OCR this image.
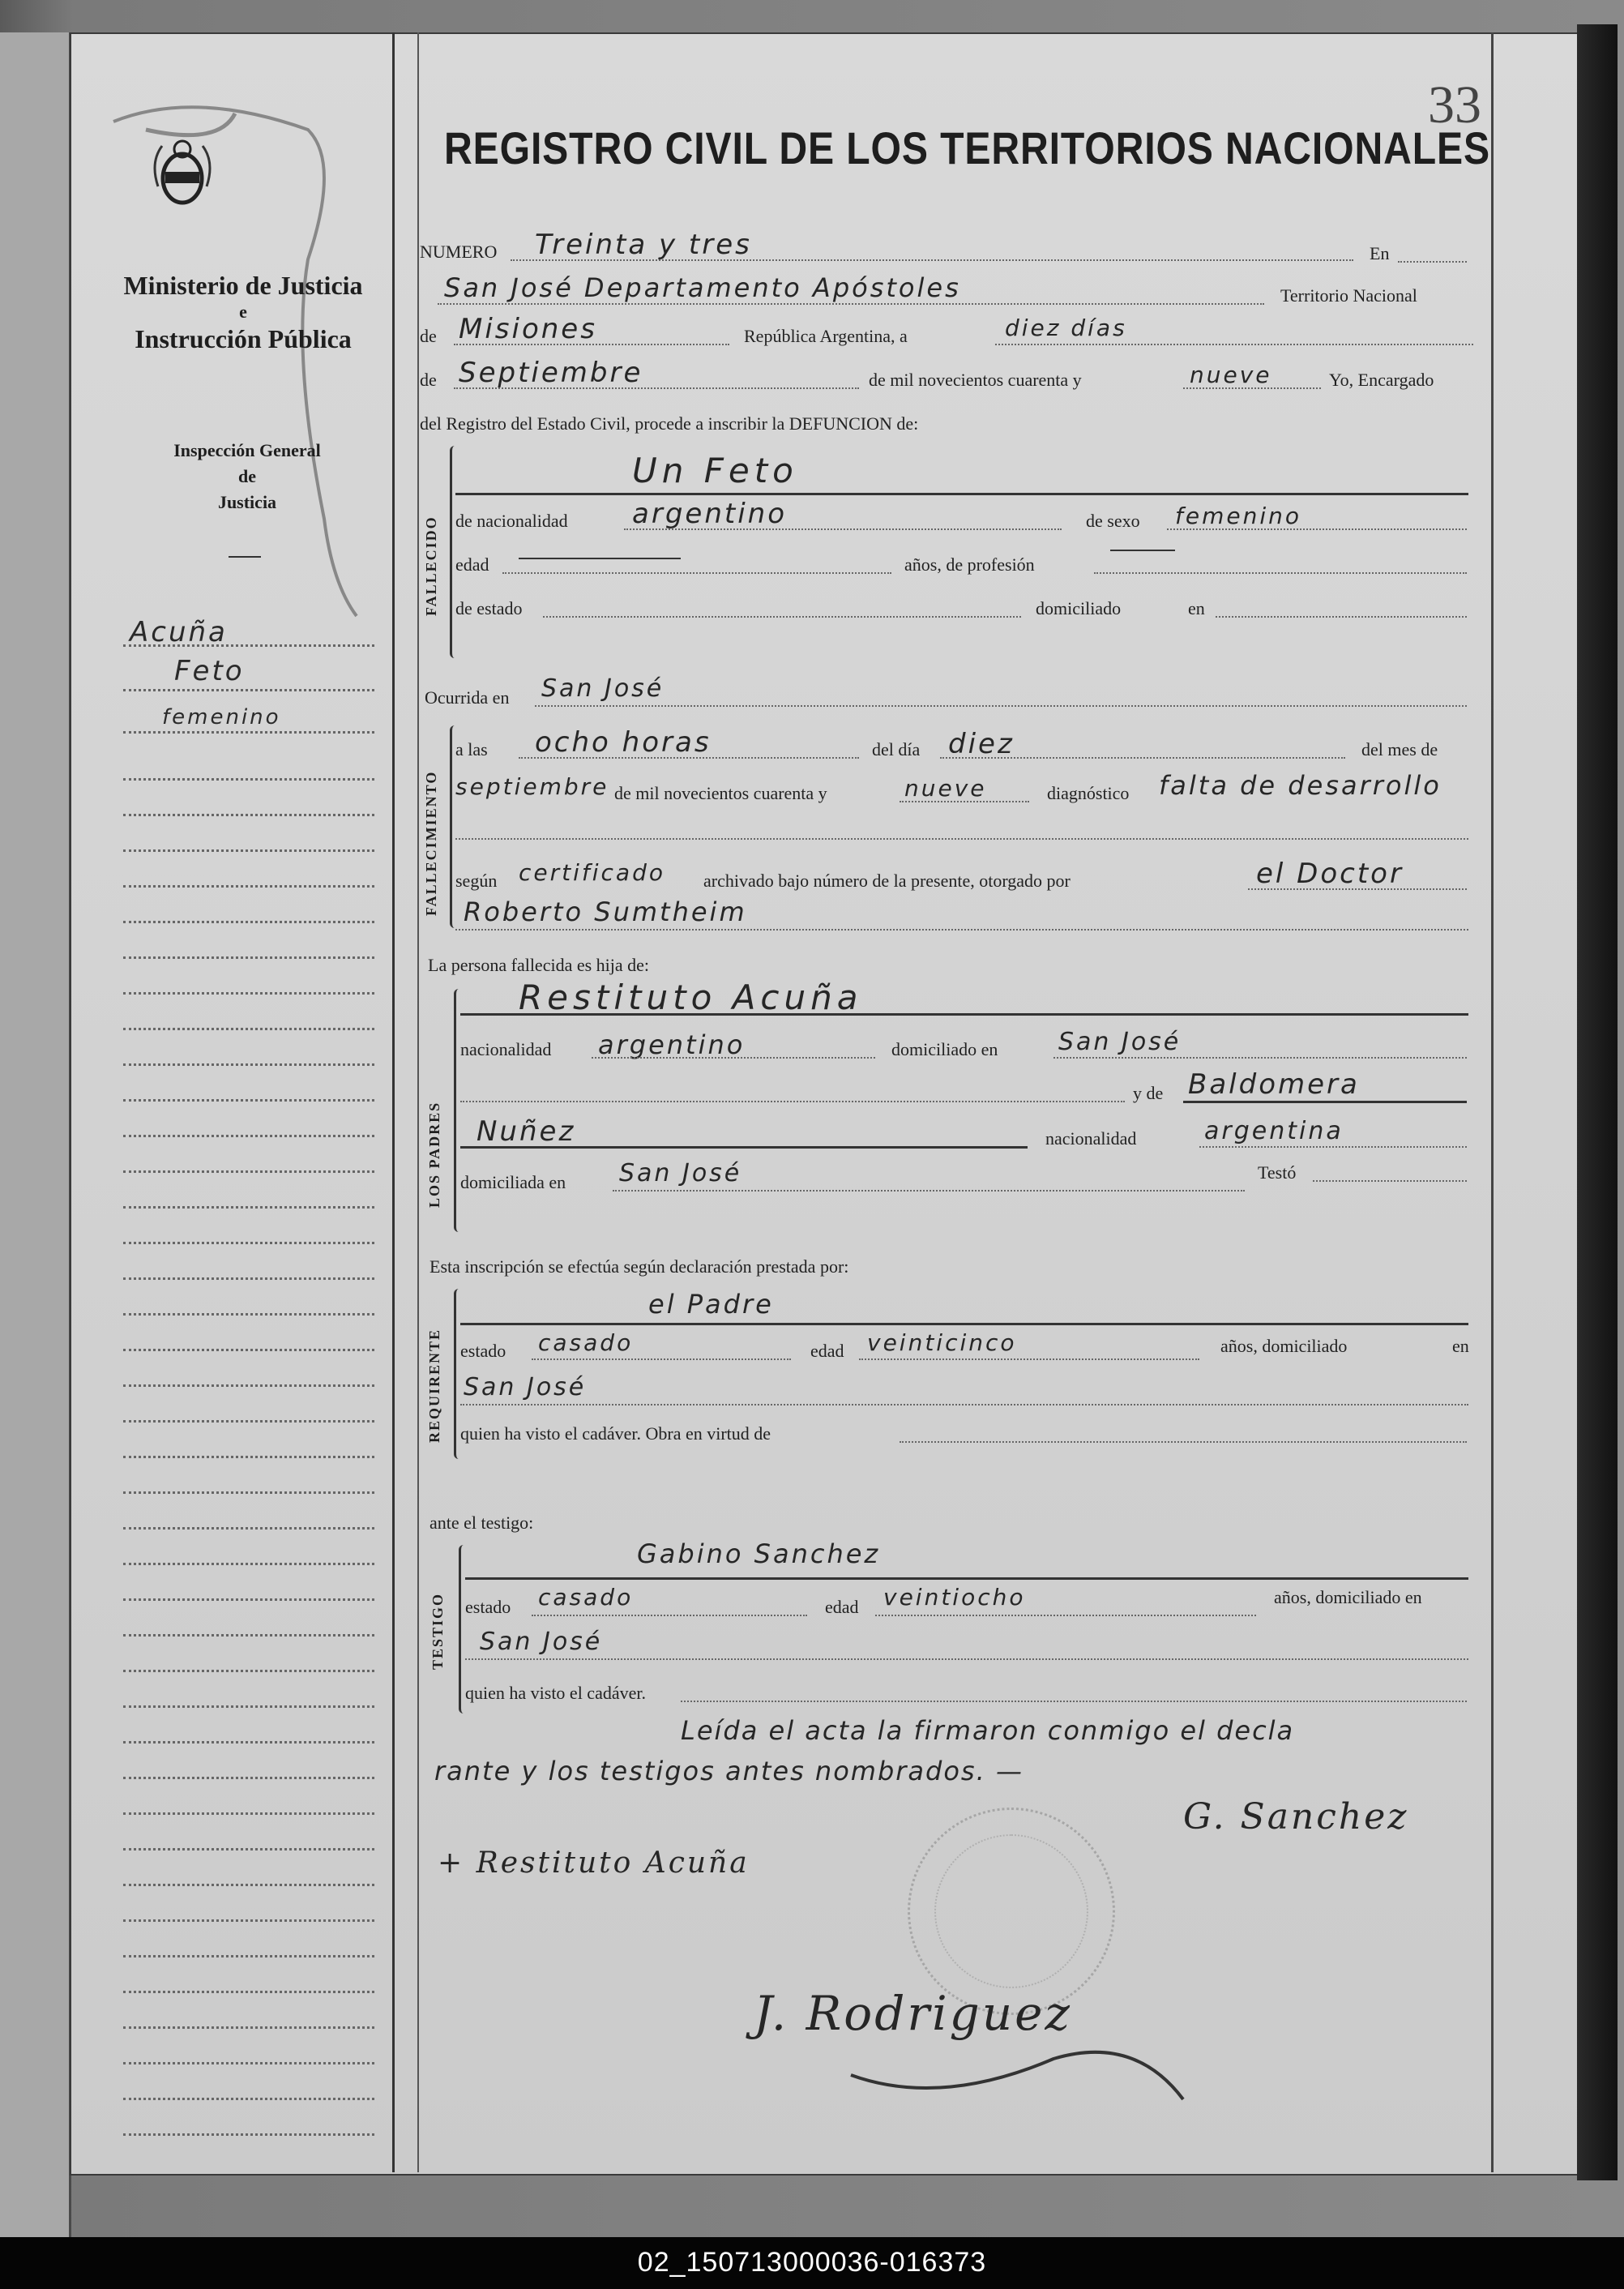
Ministerio de Justicia
e
Instrucción Pública
Inspección General
de
Justicia
Acuña
Feto
femenino
REGISTRO CIVIL DE LOS TERRITORIOS NACIONALES
33
NUMERO Treinta y tres	En
San José Departamento Apóstoles	Territorio Nacional
de Misiones	República Argentina, a	diez días
de Septiembre	de mil novecientos cuarenta y	nueve	Yo, Encargado
del Registro del Estado Civil, procede a inscribir la DEFUNCION de:
FALLECIDO
Un Feto
de nacionalidad argentino	de sexo femenino
edad	años, de profesión
de estado	domiciliado	en
Ocurrida en San José
FALLECIMIENTO
a las ocho horas	del día diez	del mes de
septiembre de mil novecientos cuarenta y	nueve	diagnóstico falta de desarrollo
según certificado archivado bajo número de la presente, otorgado por	el Doctor
Roberto Sumtheim
La persona fallecida es hija de:
LOS PADRES
Restituto Acuña
nacionalidad argentino	domiciliado en San José
y de Baldomera
Nuñez	nacionalidad	argentina
domiciliada en San José	Testó
Esta inscripción se efectúa según declaración prestada por:
REQUIRENTE
el Padre
estado casado	edad veinticinco	años, domiciliado	en
San José
quien ha visto el cadáver. Obra en virtud de
ante el testigo:
TESTIGO
Gabino Sanchez
estado casado	edad veintiocho	años, domiciliado en
San José
quien ha visto el cadáver.
Leída el acta la firmaron conmigo el decla
rante y los testigos antes nombrados. —
G. Sanchez
+ Restituto Acuña
J. Rodriguez
02_150713000036-016373
